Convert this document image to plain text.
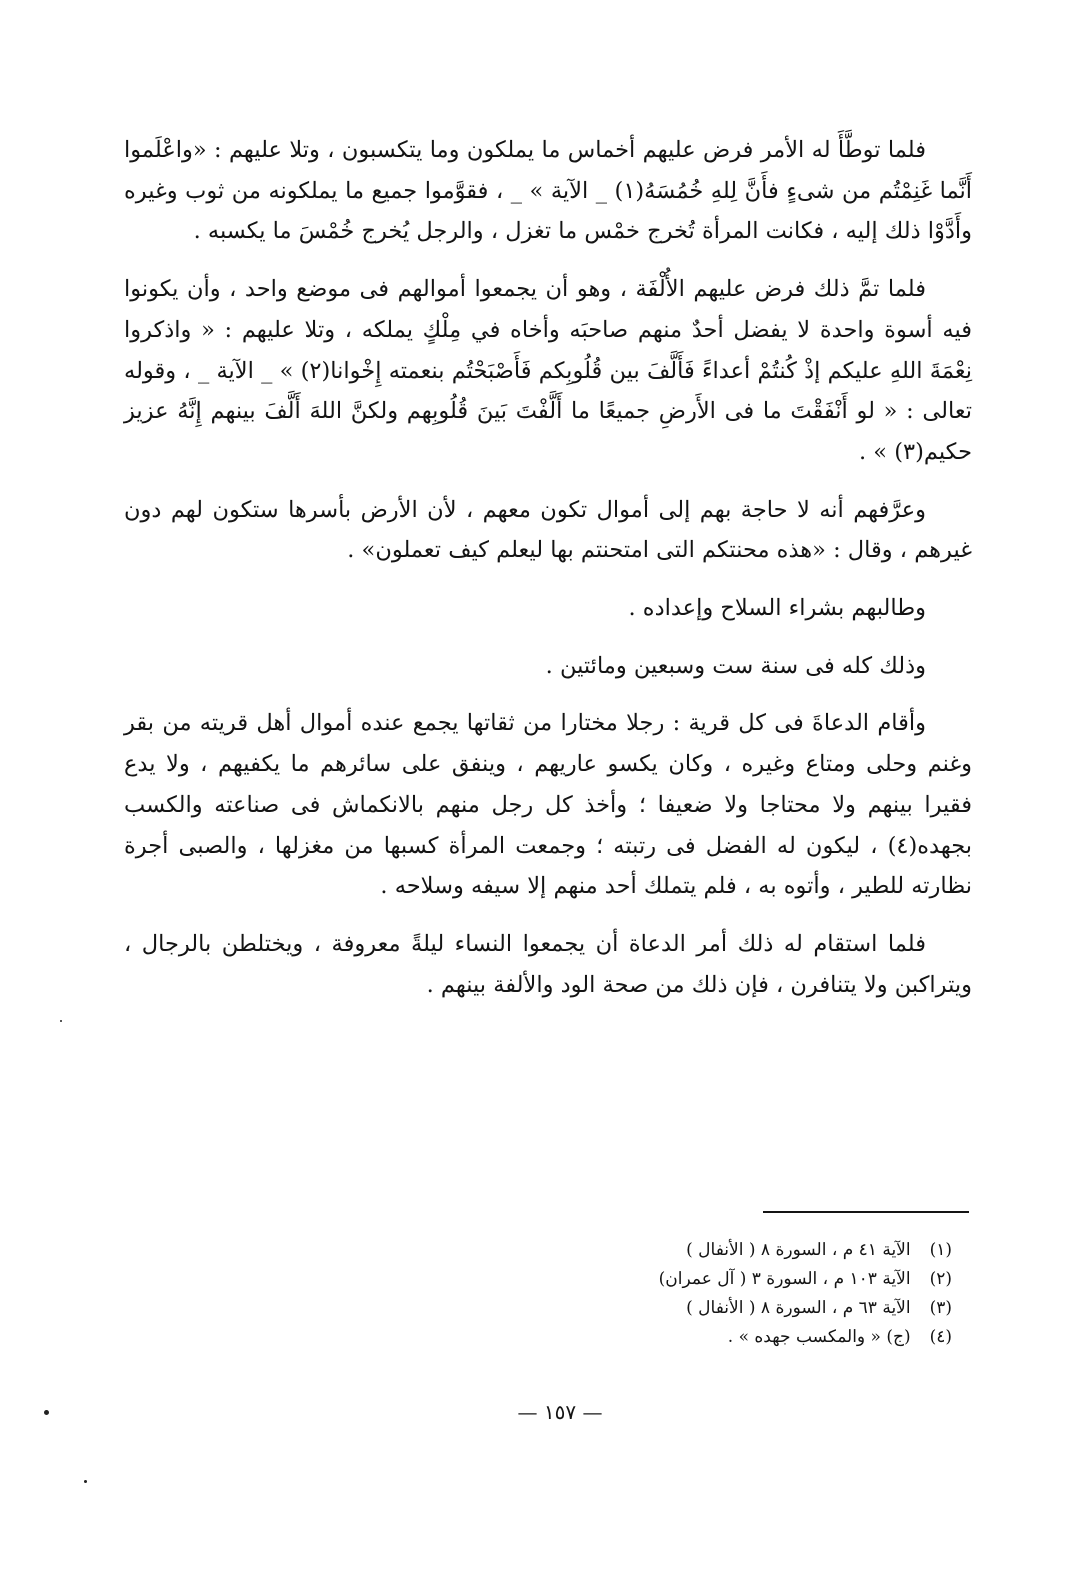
فلما توطَّأَ له الأمر فرض عليهم أخماس ما يملكون وما يتكسبون ، وتلا عليهم : «واعْلَموا أَنَّما غَنِمْتُم من شىءٍ فأَنَّ لِلهِ خُمُسَهُ(١) _ الآية » _ ، فقوَّموا جميع ما يملكونه من ثوب وغيره وأَدَّوْا ذلك إليه ، فكانت المرأة تُخرج خمْس ما تغزل ، والرجل يُخرج خُمْسَ ما يكسبه .

فلما تمَّ ذلك فرض عليهم الأُلْفَة ، وهو أن يجمعوا أموالهم فى موضع واحد ، وأن يكونوا فيه أسوة واحدة لا يفضل أحدٌ منهم صاحبَه وأخاه في مِلْكٍ يملكه ، وتلا عليهم : « واذكروا نِعْمَةَ اللهِ عليكم إذْ كُنتُمْ أعداءً فَأَلَّفَ بين قُلُوبِكم فَأَصْبَحْتُم بنعمته إِخْوانا(٢) » _ الآية _ ، وقوله تعالى : « لو أَنْفَقْتَ ما فى الأَرضِ جميعًا ما أَلَّفْتَ بَينَ قُلُوبِهم ولكنَّ اللهَ أَلَّفَ بينهم إِنَّهُ عزيز حكيم(٣) » .

وعرَّفهم أنه لا حاجة بهم إلى أموال تكون معهم ، لأن الأرض بأسرها ستكون لهم دون غيرهم ، وقال : «هذه محنتكم التى امتحنتم بها ليعلم كيف تعملون» .

وطالبهم بشراء السلاح وإعداده .

وذلك كله فى سنة ست وسبعين ومائتين .

وأقام الدعاةَ فى كل قرية : رجلا مختارا من ثقاتها يجمع عنده أموال أهل قريته من بقر وغنم وحلى ومتاع وغيره ، وكان يكسو عاريهم ، وينفق على سائرهم ما يكفيهم ، ولا يدع فقيرا بينهم ولا محتاجا ولا ضعيفا ؛ وأخذ كل رجل منهم بالانكماش فى صناعته والكسب بجهده(٤) ، ليكون له الفضل فى رتبته ؛ وجمعت المرأة كسبها من مغزلها ، والصبى أجرة نظارته للطير ، وأتوه به ، فلم يتملك أحد منهم إلا سيفه وسلاحه .

فلما استقام له ذلك أمر الدعاة أن يجمعوا النساء ليلةً معروفة ، ويختلطن بالرجال ، ويتراكبن ولا يتنافرن ، فإن ذلك من صحة الود والألفة بينهم .

(١) الآية ٤١ م ، السورة ٨ ( الأنفال )
(٢) الآية ١٠٣ م ، السورة ٣ ( آل عمران)
(٣) الآية ٦٣ م ، السورة ٨ ( الأنفال )
(٤) (ج) « والمكسب جهده » .
— ١٥٧ —
